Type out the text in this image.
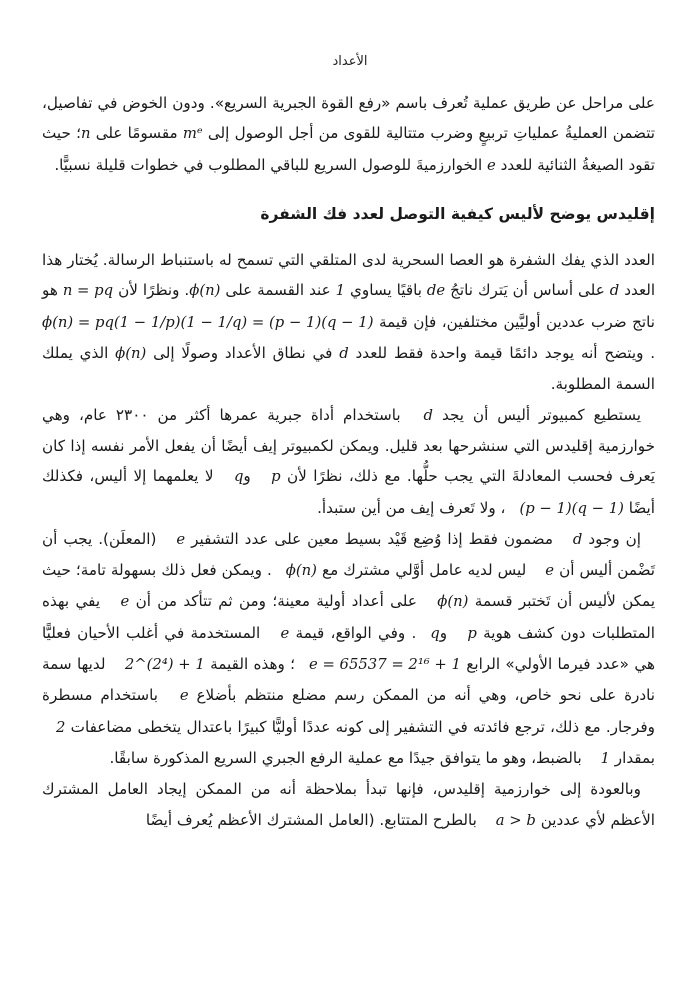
الأعداد

على مراحل عن طريق عملية تُعرف باسم «رفع القوة الجبرية السريع». ودون الخوض في تفاصيل، تتضمن العمليةُ عملياتِ تربيعٍ وضرب متتالية للقوى من أجل الوصول إلى mᵉ مقسومًا على n؛ حيث تقود الصيغةُ الثنائية للعدد e الخوارزميةَ للوصول السريع للباقي المطلوب في خطوات قليلة نسبيًّا.

إقليدس يوضح لأليس كيفية التوصل لعدد فك الشفرة

العدد الذي يفك الشفرة هو العصا السحرية لدى المتلقي التي تسمح له باستنباط الرسالة. يُختار هذا العدد d على أساس أن يَترك ناتجُ de باقيًا يساوي 1 عند القسمة على ϕ(n). ونظرًا لأن n = pq هو ناتج ضرب عددين أوليَّين مختلفين، فإن قيمة ϕ(n) = pq(1 − 1/p)(1 − 1/q) = (p − 1)(q − 1). ويتضح أنه يوجد دائمًا قيمة واحدة فقط للعدد d في نطاق الأعداد وصولًا إلى ϕ(n) الذي يملك السمة المطلوبة.

يستطيع كمبيوتر أليس أن يجد d باستخدام أداة جبرية عمرها أكثر من ٢٣٠٠ عام، وهي خوارزمية إقليدس التي سنشرحها بعد قليل. ويمكن لكمبيوتر إيف أيضًا أن يفعل الأمر نفسه إذا كان يَعرف فحسب المعادلةَ التي يجب حلُّها. مع ذلك، نظرًا لأن p وq لا يعلمهما إلا أليس، فكذلك أيضًا (p − 1)(q − 1)، ولا تَعرف إيف من أين ستبدأ.

إن وجود d مضمون فقط إذا وُضِع قَيْد بسيط معين على عدد التشفير e (المعلَن). يجب أن تَضْمن أليس أن e ليس لديه عامل أوَّلي مشترك مع ϕ(n). ويمكن فعل ذلك بسهولة تامة؛ حيث يمكن لأليس أن تَختبر قسمة ϕ(n) على أعداد أولية معينة؛ ومن ثم تتأكد من أن e يفي بهذه المتطلبات دون كشف هوية p وq. وفي الواقع، قيمة e المستخدمة في أغلب الأحيان فعليًّا هي «عدد فيرما الأولي» الرابع e = 65537 = 2¹⁶ + 1؛ وهذه القيمة 2^(2⁴) + 1 لديها سمة نادرة على نحو خاص، وهي أنه من الممكن رسم مضلع منتظم بأضلاع e باستخدام مسطرة وفرجار. مع ذلك، ترجع فائدته في التشفير إلى كونه عددًا أوليًّا كبيرًا باعتدال يتخطى مضاعفات 2 بمقدار 1 بالضبط، وهو ما يتوافق جيدًا مع عملية الرفع الجبري السريع المذكورة سابقًا.

وبالعودة إلى خوارزمية إقليدس، فإنها تبدأ بملاحظة أنه من الممكن إيجاد العامل المشترك الأعظم لأي عددين a > b بالطرح المتتابع. (العامل المشترك الأعظم يُعرف أيضًا
